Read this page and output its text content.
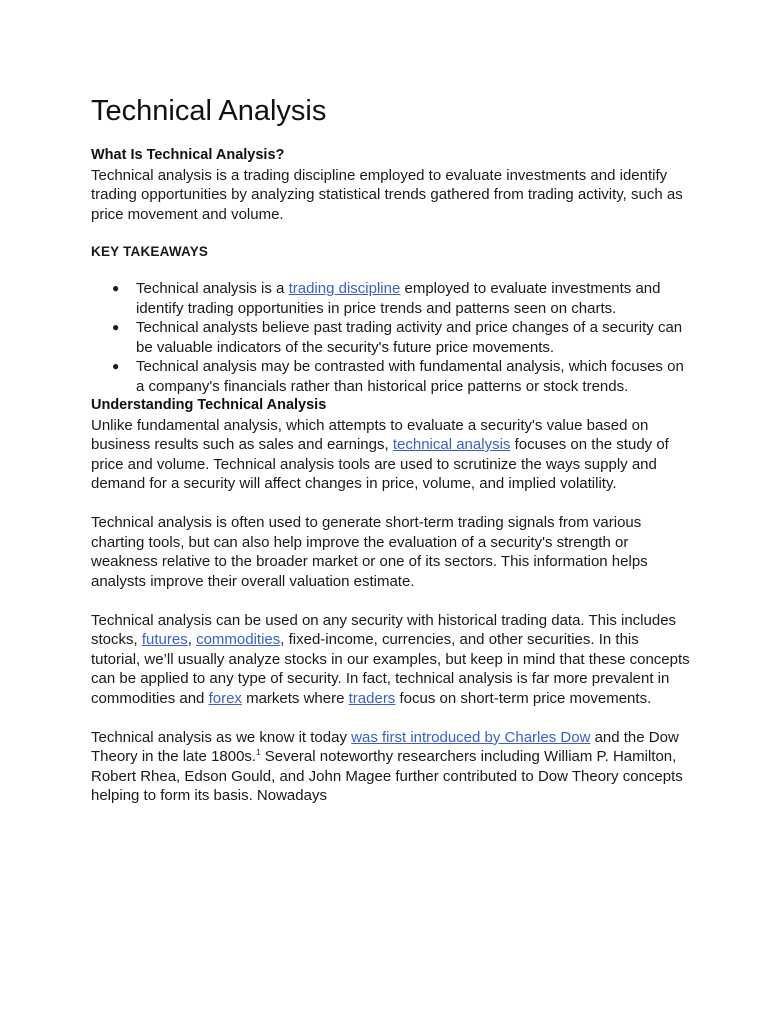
Technical Analysis
What Is Technical Analysis?

Technical analysis is a trading discipline employed to evaluate investments and identify trading opportunities by analyzing statistical trends gathered from trading activity, such as price movement and volume.

KEY TAKEAWAYS
● Technical analysis is a trading discipline employed to evaluate investments and identify trading opportunities in price trends and patterns seen on charts.
● Technical analysts believe past trading activity and price changes of a security can be valuable indicators of the security's future price movements.
● Technical analysis may be contrasted with fundamental analysis, which focuses on a company's financials rather than historical price patterns or stock trends.
Understanding Technical Analysis

Unlike fundamental analysis, which attempts to evaluate a security's value based on business results such as sales and earnings, technical analysis focuses on the study of price and volume. Technical analysis tools are used to scrutinize the ways supply and demand for a security will affect changes in price, volume, and implied volatility.

Technical analysis is often used to generate short-term trading signals from various charting tools, but can also help improve the evaluation of a security's strength or weakness relative to the broader market or one of its sectors. This information helps analysts improve their overall valuation estimate.

Technical analysis can be used on any security with historical trading data. This includes stocks, futures, commodities, fixed-income, currencies, and other securities. In this tutorial, we’ll usually analyze stocks in our examples, but keep in mind that these concepts can be applied to any type of security. In fact, technical analysis is far more prevalent in commodities and forex markets where traders focus on short-term price movements.

Technical analysis as we know it today was first introduced by Charles Dow and the Dow Theory in the late 1800s.$^1$ Several noteworthy researchers including William P. Hamilton, Robert Rhea, Edson Gould, and John Magee further contributed to Dow Theory concepts helping to form its basis. Nowadays
